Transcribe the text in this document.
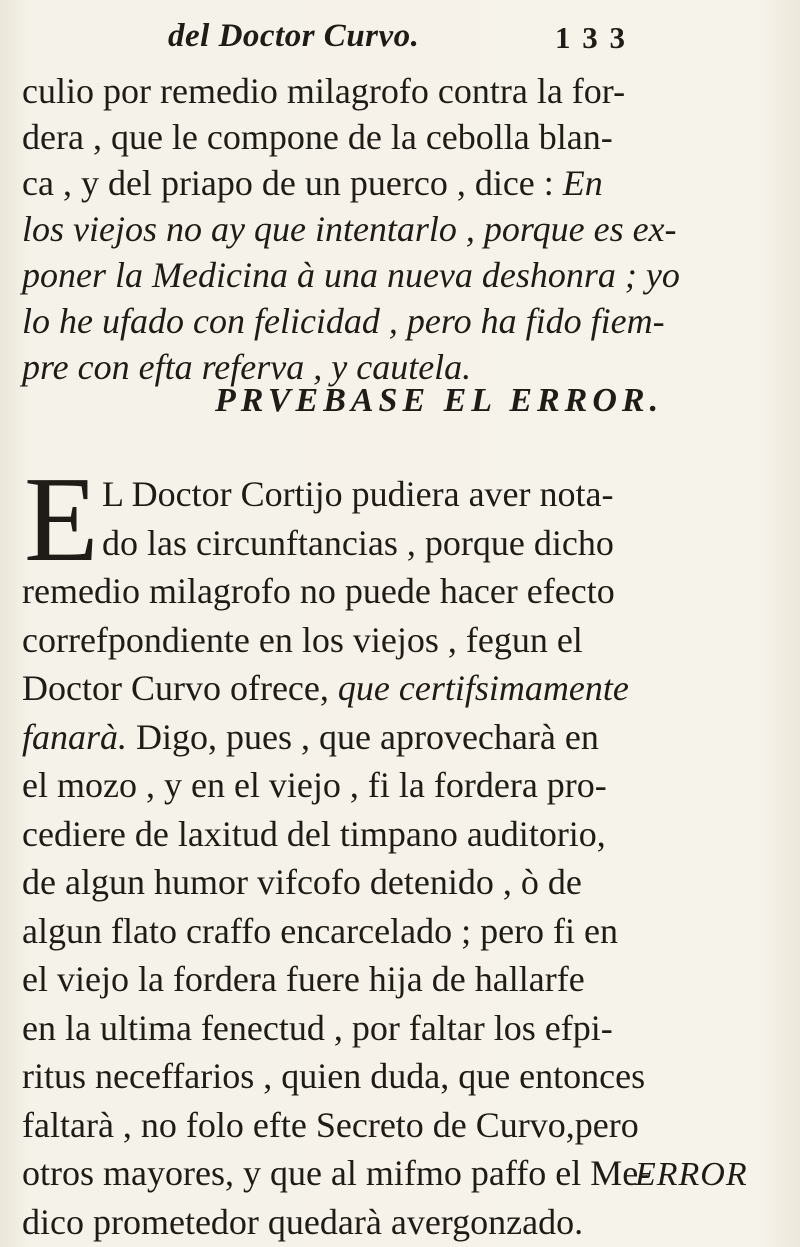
del Doctor Curvo.	1 3 3
culio por remedio milagrofo contra la for-
dera , que le compone de la cebolla blan-
ca , y del priapo de un puerco , dice : En
los viejos no ay que intentarlo , porque es ex-
poner la Medicina à una nueva deshonra ; yo
lo he ufado con felicidad , pero ha fido fiem-
pre con efta referva , y cautela.
PRVEBASE EL ERROR.
E L Doctor Cortijo pudiera aver nota-
do las circunftancias , porque dicho
remedio milagrofo no puede hacer efecto
correfpondiente en los viejos , fegun el
Doctor Curvo ofrece, que certifsimamente
fanarà. Digo, pues , que aprovecharà en
el mozo , y en el viejo , fi la fordera pro-
cediere de laxitud del timpano auditorio,
de algun humor vifcofo detenido , ò de
algun flato craffo encarcelado ; pero fi en
el viejo la fordera fuere hija de hallarfe
en la ultima fenectud , por faltar los efpi-
ritus neceffarios , quien duda, que entonces
faltarà , no folo efte Secreto de Curvo,pero
otros mayores, y que al mifmo paffo el Me-
dico prometedor quedarà avergonzado.
ERROR
